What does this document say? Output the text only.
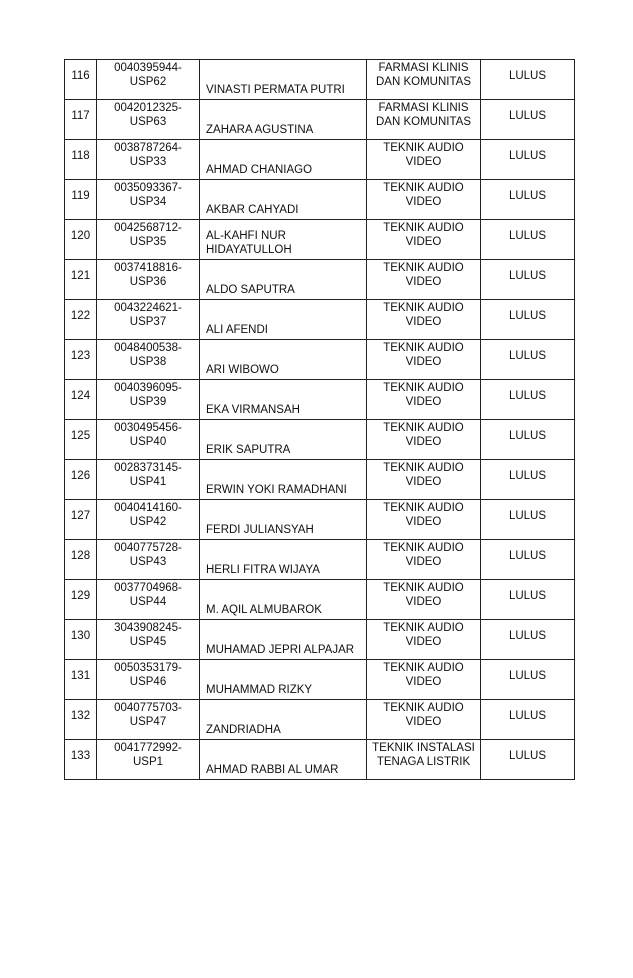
116	0040395944-
USP62	VINASTI PERMATA PUTRI	FARMASI KLINIS
DAN KOMUNITAS	LULUS
117	0042012325-
USP63	ZAHARA AGUSTINA	FARMASI KLINIS
DAN KOMUNITAS	LULUS
118	0038787264-
USP33	AHMAD CHANIAGO	TEKNIK AUDIO
VIDEO	LULUS
119	0035093367-
USP34	AKBAR CAHYADI	TEKNIK AUDIO
VIDEO	LULUS
120	0042568712-
USP35	AL-KAHFI NUR
HIDAYATULLOH	TEKNIK AUDIO
VIDEO	LULUS
121	0037418816-
USP36	ALDO SAPUTRA	TEKNIK AUDIO
VIDEO	LULUS
122	0043224621-
USP37	ALI AFENDI	TEKNIK AUDIO
VIDEO	LULUS
123	0048400538-
USP38	ARI WIBOWO	TEKNIK AUDIO
VIDEO	LULUS
124	0040396095-
USP39	EKA VIRMANSAH	TEKNIK AUDIO
VIDEO	LULUS
125	0030495456-
USP40	ERIK SAPUTRA	TEKNIK AUDIO
VIDEO	LULUS
126	0028373145-
USP41	ERWIN YOKI RAMADHANI	TEKNIK AUDIO
VIDEO	LULUS
127	0040414160-
USP42	FERDI JULIANSYAH	TEKNIK AUDIO
VIDEO	LULUS
128	0040775728-
USP43	HERLI FITRA WIJAYA	TEKNIK AUDIO
VIDEO	LULUS
129	0037704968-
USP44	M. AQIL ALMUBAROK	TEKNIK AUDIO
VIDEO	LULUS
130	3043908245-
USP45	MUHAMAD JEPRI ALPAJAR	TEKNIK AUDIO
VIDEO	LULUS
131	0050353179-
USP46	MUHAMMAD RIZKY	TEKNIK AUDIO
VIDEO	LULUS
132	0040775703-
USP47	ZANDRIADHA	TEKNIK AUDIO
VIDEO	LULUS
133	0041772992-
USP1	AHMAD RABBI AL UMAR	TEKNIK INSTALASI
TENAGA LISTRIK	LULUS
